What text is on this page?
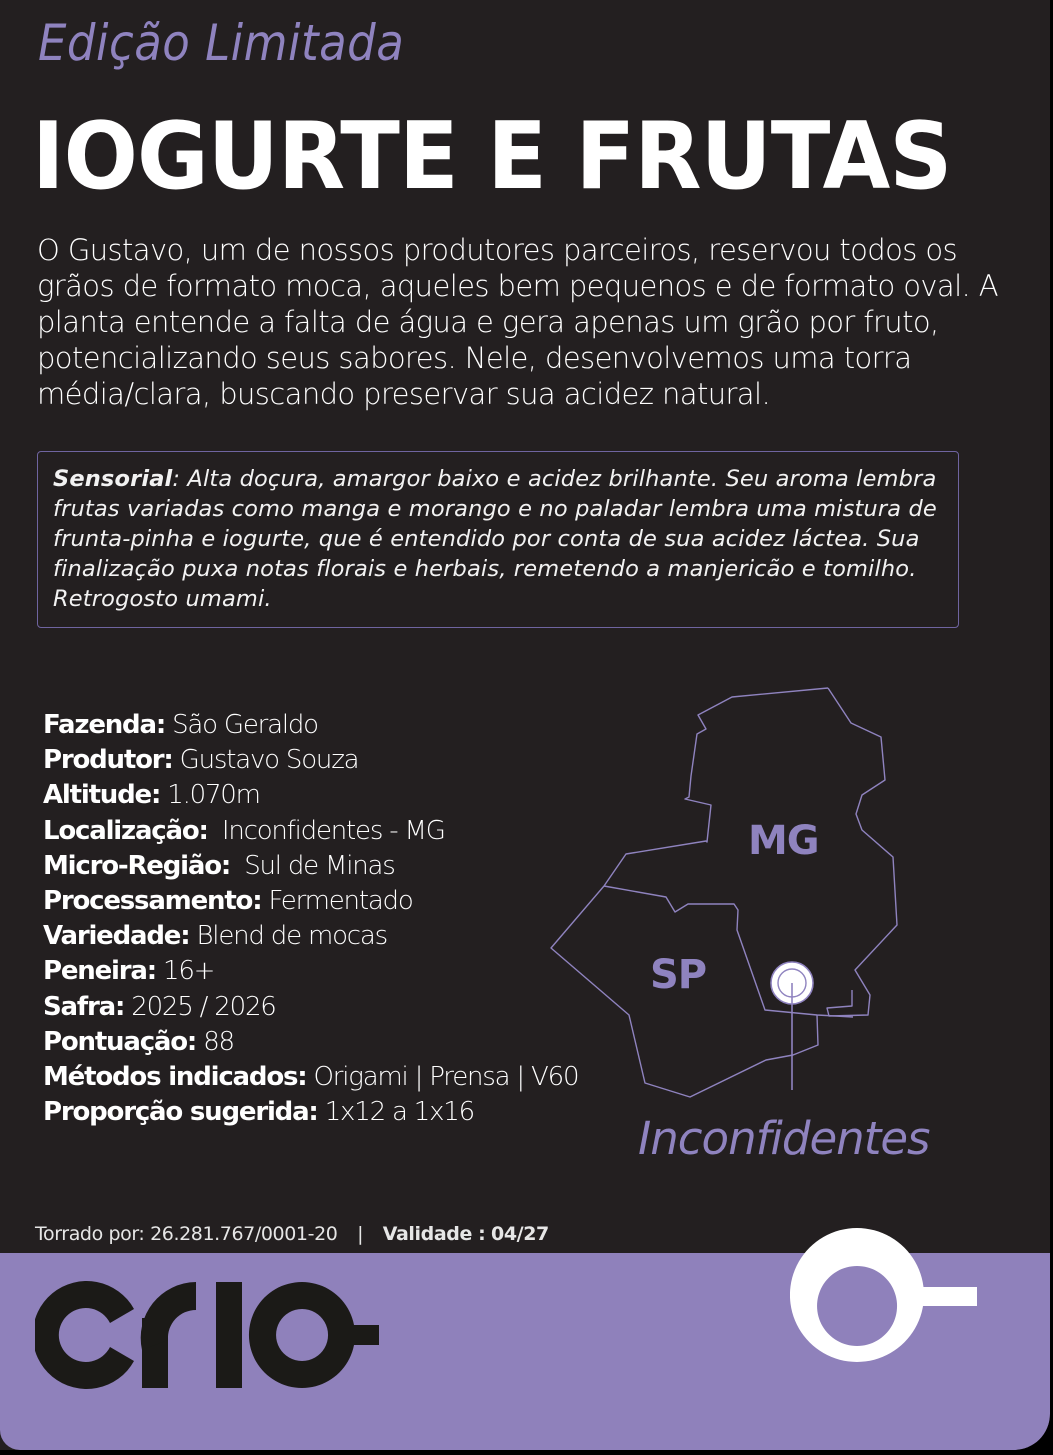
Edição Limitada
IOGURTE E FRUTAS
O Gustavo, um de nossos produtores parceiros, reservou todos os grãos de formato moca, aqueles bem pequenos e de formato oval. A planta entende a falta de água e gera apenas um grão por fruto, potencializando seus sabores. Nele, desenvolvemos uma torra média/clara, buscando preservar sua acidez natural.
Sensorial: Alta doçura, amargor baixo e acidez brilhante. Seu aroma lembra frutas variadas como manga e morango e no paladar lembra uma mistura de frunta-pinha e iogurte, que é entendido por conta de sua acidez láctea. Sua finalização puxa notas florais e herbais, remetendo a manjericão e tomilho. Retrogosto umami.
Fazenda: São Geraldo
Produtor: Gustavo Souza
Altitude: 1.070m
Localização:  Inconfidentes - MG
Micro-Região:  Sul de Minas
Processamento: Fermentado
Variedade: Blend de mocas
Peneira: 16+
Safra: 2025 / 2026
Pontuação: 88
Métodos indicados: Origami | Prensa | V60
Proporção sugerida: 1x12 a 1x16
MG
SP
Inconfidentes
Torrado por: 26.281.767/0001-20 | Validade : 04/27
